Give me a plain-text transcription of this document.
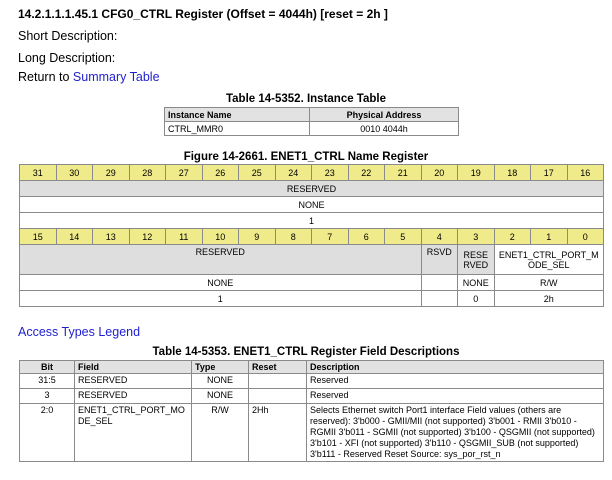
14.2.1.1.1.45.1 CFG0_CTRL Register (Offset = 4044h) [reset = 2h ]
Short Description:
Long Description:
Return to Summary Table
Table 14-5352. Instance Table
Instance Name	Physical Address
CTRL_MMR0	0010 4044h
Figure 14-2661. ENET1_CTRL Name Register
31	30	29	28	27	26	25	24	23	22	21	20	19	18	17	16
RESERVED															
NONE															
1															
15	14	13	12	11	10	9	8	7	6	5	4	3	2	1	0
RESERVED											RSVD	RESE RVED	ENET1_CTRL_PORT_M ODE_SEL		
NONE												NONE	R/W		
1												0	2h		
Access Types Legend
Table 14-5353. ENET1_CTRL Register Field Descriptions
Bit	Field	Type	Reset	Description
31:5	RESERVED	NONE		Reserved
3	RESERVED	NONE		Reserved
2:0	ENET1_CTRL_PORT_MO DE_SEL	R/W	2Hh	Selects Ethernet switch Port1 interface Field values (others are reserved): 3'b000 - GMII/MII (not supported) 3'b001 - RMII 3'b010 - RGMII 3'b011 - SGMII (not supported) 3'b100 - QSGMII (not supported) 3'b101 - XFI (not supported) 3'b110 - QSGMII_SUB (not supported) 3'b111 - Reserved Reset Source: sys_por_rst_n
